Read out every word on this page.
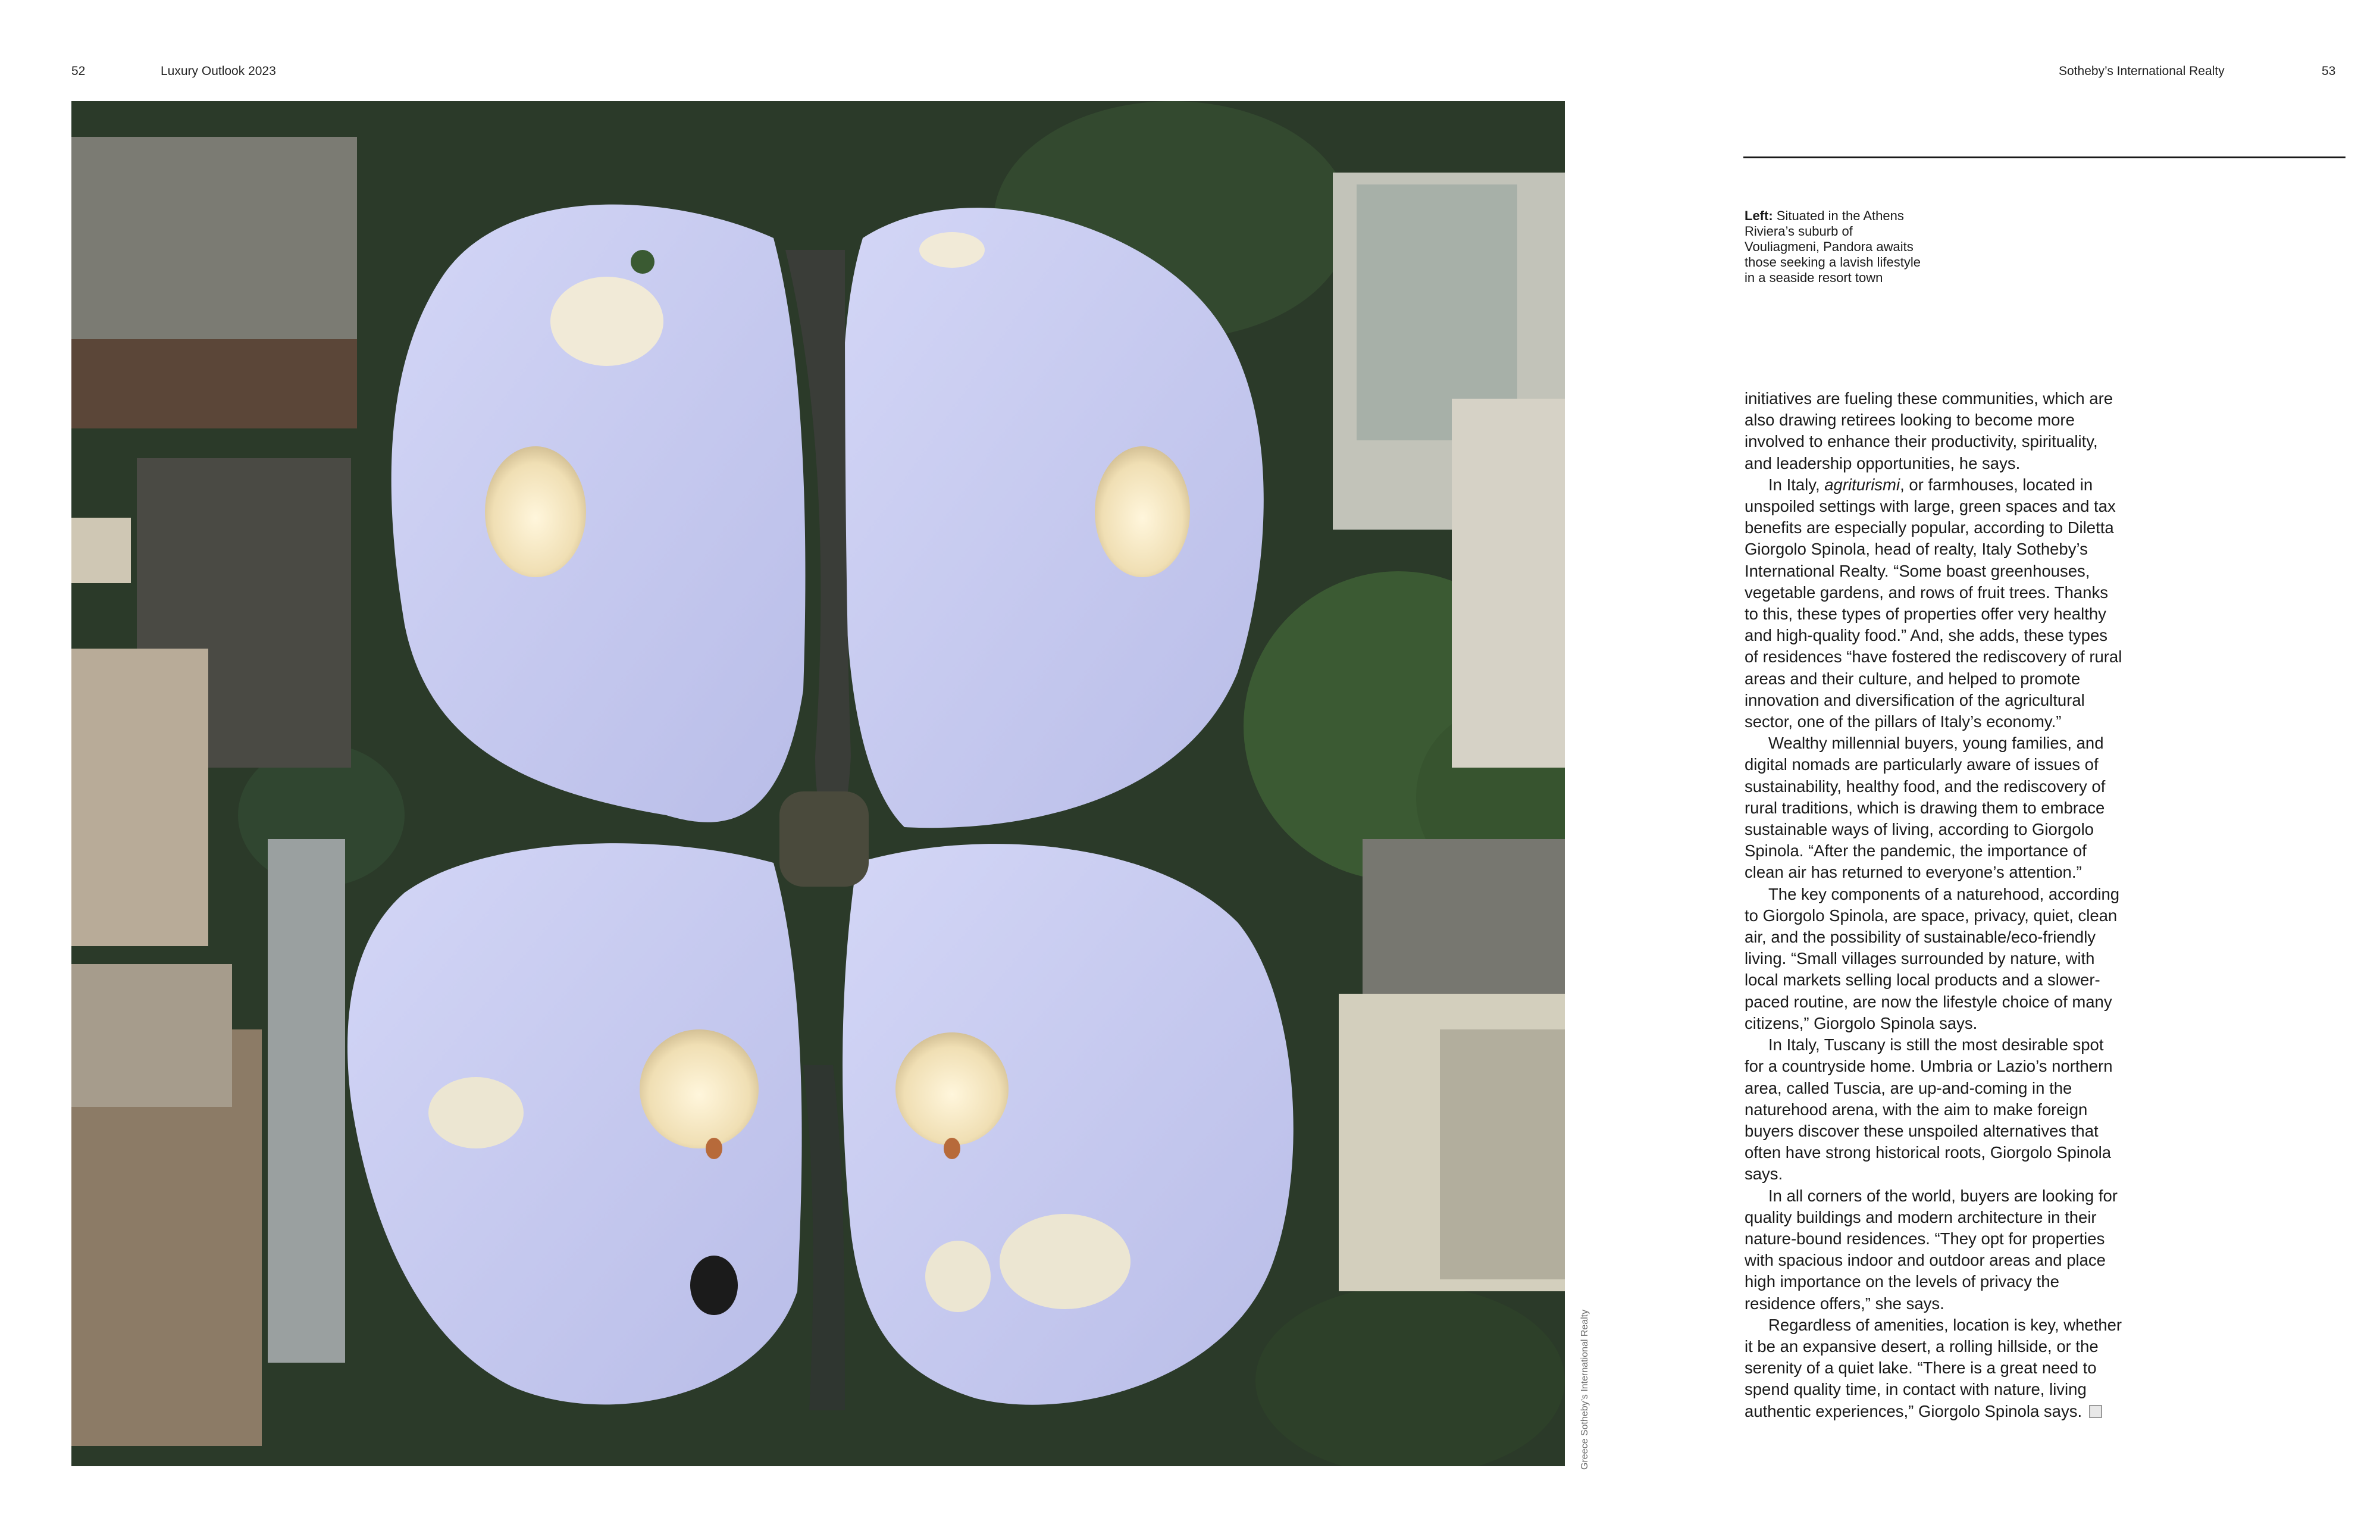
52	Luxury Outlook 2023	Sotheby’s International Realty	53
Greece Sotheby’s International Realty
Left: Situated in the Athens Riviera’s suburb of Vouliagmeni, Pandora awaits those seeking a lavish lifestyle in a seaside resort town

initiatives are fueling these communities, which are also drawing retirees looking to become more involved to enhance their productivity, spirituality, and leadership opportunities, he says.

In Italy, agriturismi, or farmhouses, located in unspoiled settings with large, green spaces and tax benefits are especially popular, according to Diletta Giorgolo Spinola, head of realty, Italy Sotheby’s International Realty. “Some boast greenhouses, vegetable gardens, and rows of fruit trees. Thanks to this, these types of properties offer very healthy and high-quality food.” And, she adds, these types of residences “have fostered the rediscovery of rural areas and their culture, and helped to promote innovation and diversification of the agricultural sector, one of the pillars of Italy’s economy.”

Wealthy millennial buyers, young families, and digital nomads are particularly aware of issues of sustainability, healthy food, and the rediscovery of rural traditions, which is drawing them to embrace sustainable ways of living, according to Giorgolo Spinola. “After the pandemic, the importance of clean air has returned to everyone’s attention.”

The key components of a naturehood, according to Giorgolo Spinola, are space, privacy, quiet, clean air, and the possibility of sustainable/eco-friendly living. “Small villages surrounded by nature, with local markets selling local products and a slower-paced routine, are now the lifestyle choice of many citizens,” Giorgolo Spinola says.

In Italy, Tuscany is still the most desirable spot for a countryside home. Umbria or Lazio’s northern area, called Tuscia, are up-and-coming in the naturehood arena, with the aim to make foreign buyers discover these unspoiled alternatives that often have strong historical roots, Giorgolo Spinola says.

In all corners of the world, buyers are looking for quality buildings and modern architecture in their nature-bound residences. “They opt for properties with spacious indoor and outdoor areas and place high importance on the levels of privacy the residence offers,” she says.

Regardless of amenities, location is key, whether it be an expansive desert, a rolling hillside, or the serenity of a quiet lake. “There is a great need to spend quality time, in contact with nature, living authentic experiences,” Giorgolo Spinola says.
